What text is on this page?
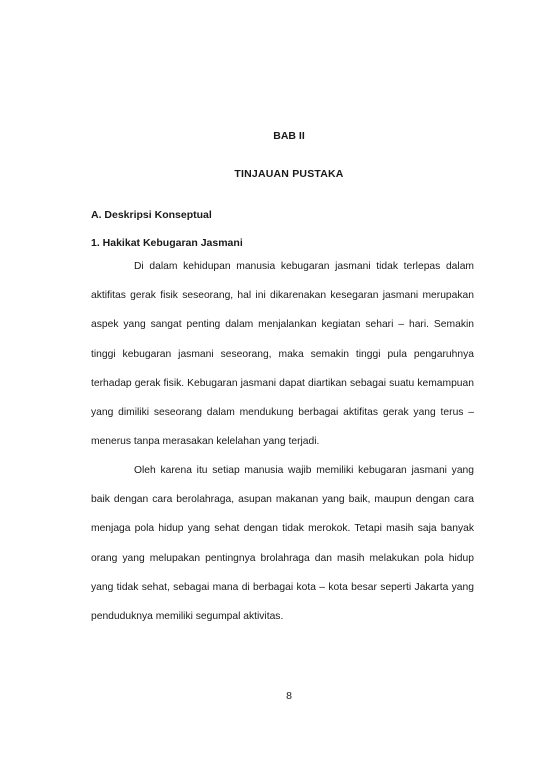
BAB II
TINJAUAN PUSTAKA
A. Deskripsi Konseptual
1. Hakikat Kebugaran Jasmani

Di dalam kehidupan manusia kebugaran jasmani tidak terlepas dalam aktifitas gerak fisik seseorang, hal ini dikarenakan kesegaran jasmani merupakan aspek yang sangat penting dalam menjalankan kegiatan sehari – hari. Semakin tinggi kebugaran jasmani seseorang, maka semakin tinggi pula pengaruhnya terhadap gerak fisik. Kebugaran jasmani dapat diartikan sebagai suatu kemampuan yang dimiliki seseorang dalam mendukung berbagai aktifitas gerak yang terus – menerus tanpa merasakan kelelahan yang terjadi.

Oleh karena itu setiap manusia wajib memiliki kebugaran jasmani yang baik dengan cara berolahraga, asupan makanan yang baik, maupun dengan cara menjaga pola hidup yang sehat dengan tidak merokok. Tetapi masih saja banyak orang yang melupakan pentingnya brolahraga dan masih melakukan pola hidup yang tidak sehat, sebagai mana di berbagai kota – kota besar seperti Jakarta yang penduduknya memiliki segumpal aktivitas.

8
